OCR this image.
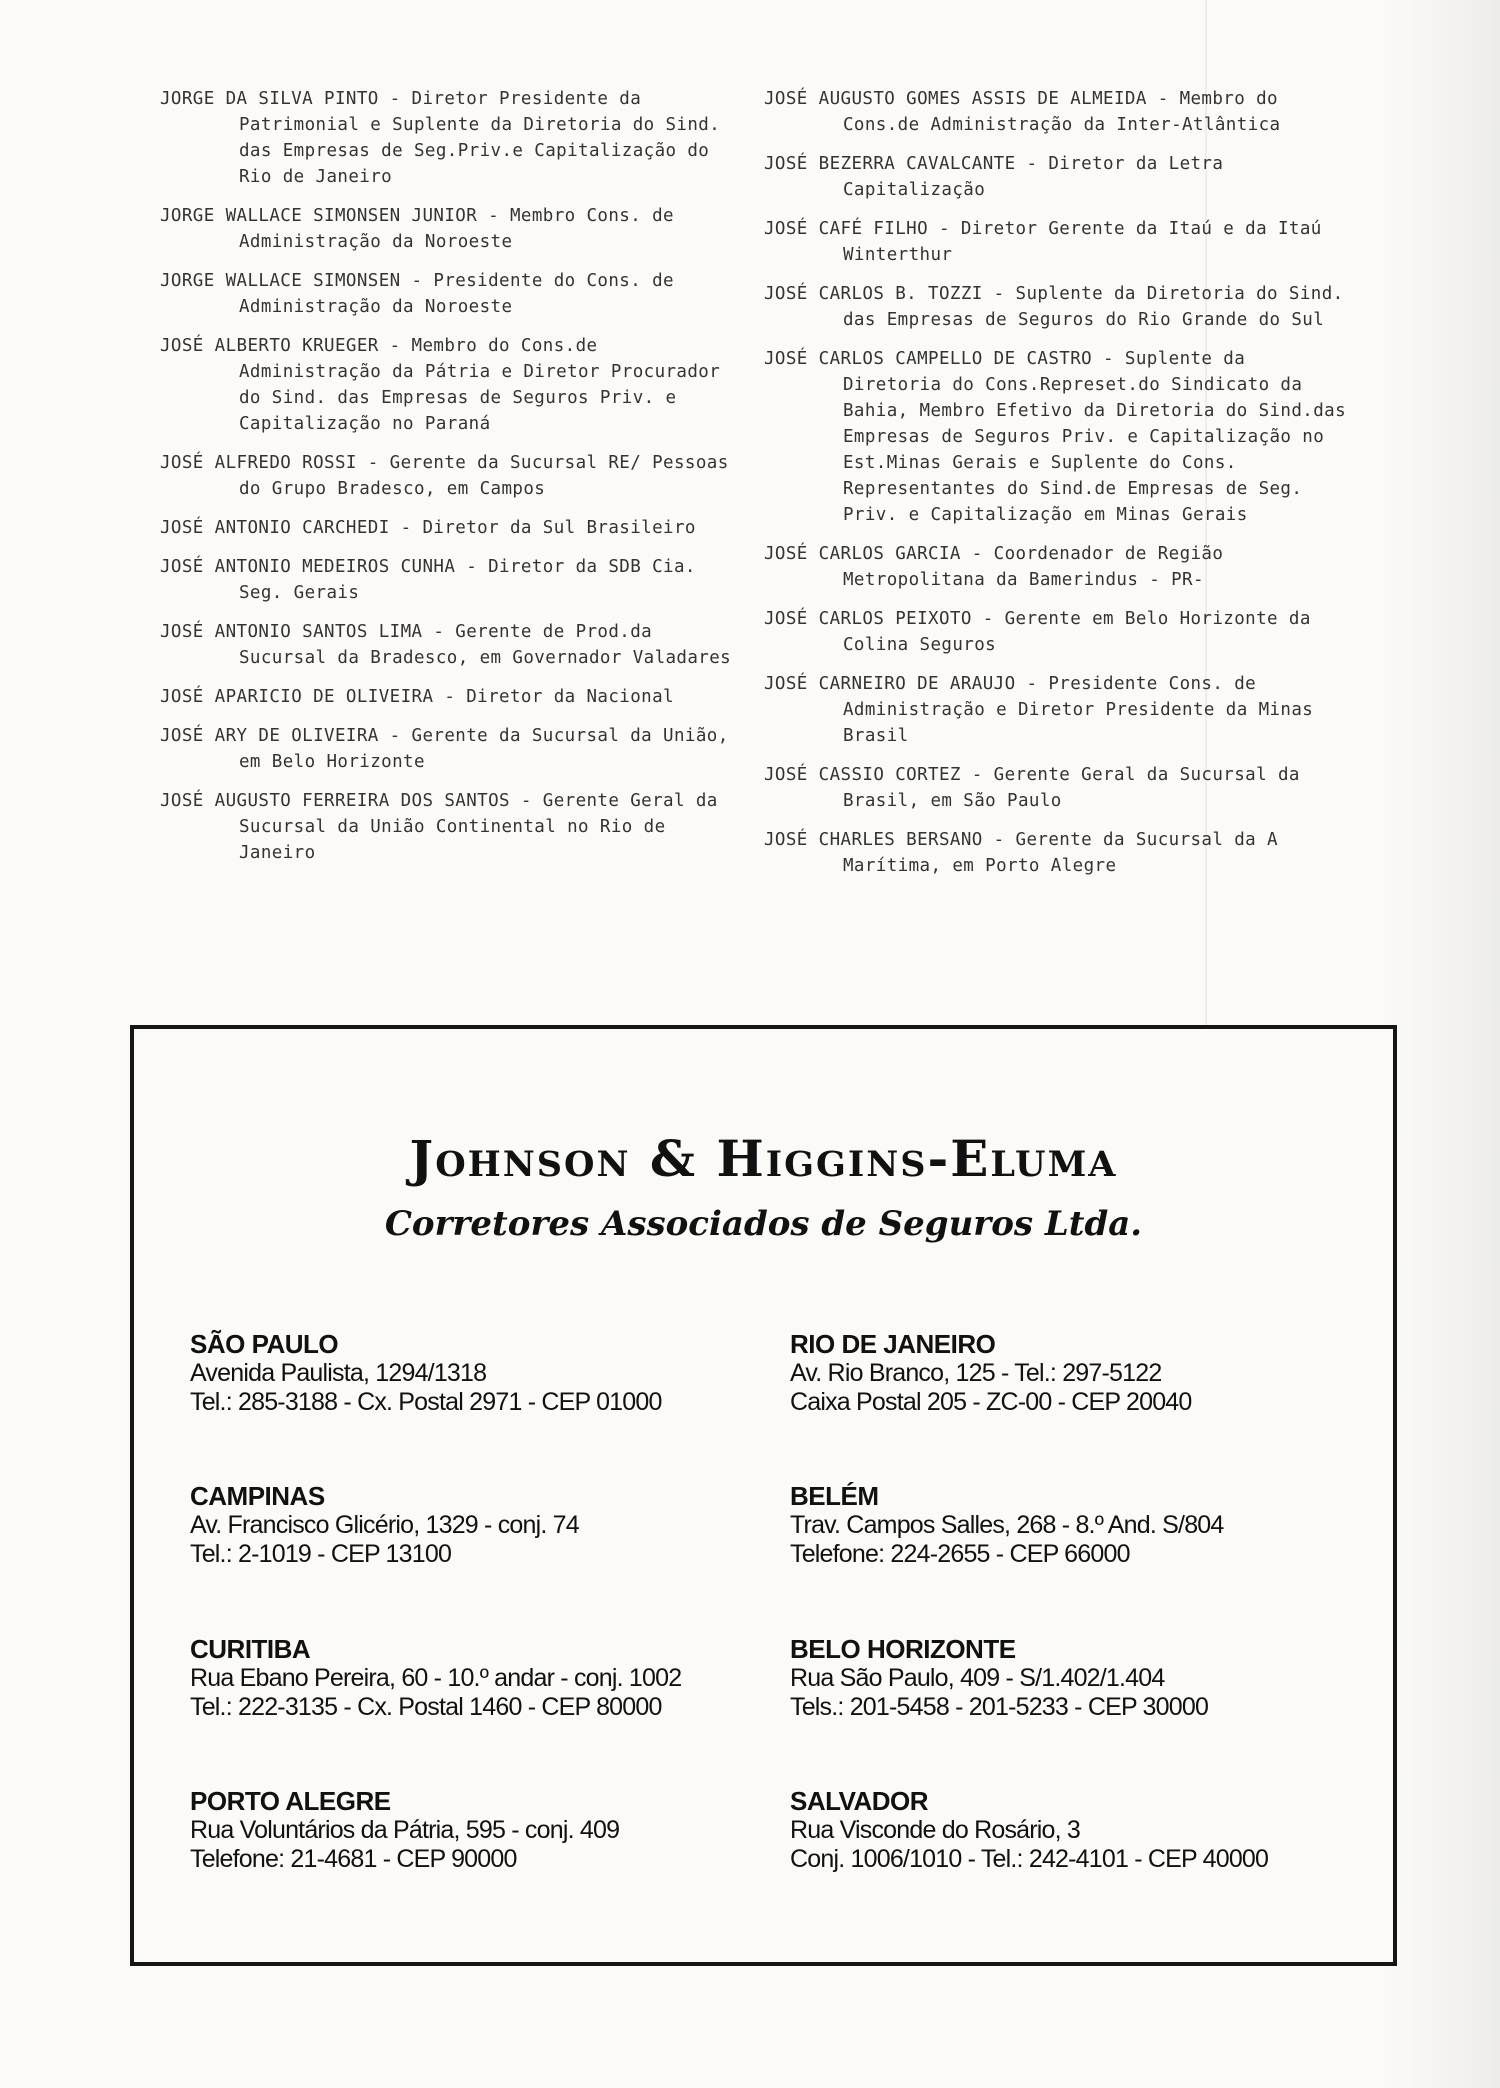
JORGE DA SILVA PINTO - Diretor Presidente da Patrimonial e Suplente da Diretoria do Sind. das Empresas de Seg.Priv.e Capitalização do Rio de Janeiro

JORGE WALLACE SIMONSEN JUNIOR - Membro Cons. de Administração da Noroeste

JORGE WALLACE SIMONSEN - Presidente do Cons. de Administração da Noroeste

JOSÉ ALBERTO KRUEGER - Membro do Cons.de Administração da Pátria e Diretor Procurador do Sind. das Empresas de Seguros Priv. e Capitalização no Paraná

JOSÉ ALFREDO ROSSI - Gerente da Sucursal RE/ Pessoas do Grupo Bradesco, em Campos

JOSÉ ANTONIO CARCHEDI - Diretor da Sul Brasileiro

JOSÉ ANTONIO MEDEIROS CUNHA - Diretor da SDB Cia. Seg. Gerais

JOSÉ ANTONIO SANTOS LIMA - Gerente de Prod.da Sucursal da Bradesco, em Governador Valadares

JOSÉ APARICIO DE OLIVEIRA - Diretor da Nacional

JOSÉ ARY DE OLIVEIRA - Gerente da Sucursal da União, em Belo Horizonte

JOSÉ AUGUSTO FERREIRA DOS SANTOS - Gerente Geral da Sucursal da União Continental no Rio de Janeiro

JOSÉ AUGUSTO GOMES ASSIS DE ALMEIDA - Membro do Cons.de Administração da Inter-Atlântica

JOSÉ BEZERRA CAVALCANTE - Diretor da Letra Capitalização

JOSÉ CAFÉ FILHO - Diretor Gerente da Itaú e da Itaú Winterthur

JOSÉ CARLOS B. TOZZI - Suplente da Diretoria do Sind. das Empresas de Seguros do Rio Grande do Sul

JOSÉ CARLOS CAMPELLO DE CASTRO - Suplente da Diretoria do Cons.Represet.do Sindicato da Bahia, Membro Efetivo da Diretoria do Sind.das Empresas de Seguros Priv. e Capitalização no Est.Minas Gerais e Suplente do Cons. Representantes do Sind.de Empresas de Seg. Priv. e Capitalização em Minas Gerais

JOSÉ CARLOS GARCIA - Coordenador de Região Metropolitana da Bamerindus - PR-

JOSÉ CARLOS PEIXOTO - Gerente em Belo Horizonte da Colina Seguros

JOSÉ CARNEIRO DE ARAUJO - Presidente Cons. de Administração e Diretor Presidente da Minas Brasil

JOSÉ CASSIO CORTEZ - Gerente Geral da Sucursal da Brasil, em São Paulo

JOSÉ CHARLES BERSANO - Gerente da Sucursal da A Marítima, em Porto Alegre

Johnson & Higgins-Eluma
Corretores Associados de Seguros Ltda.
SÃO PAULO
Avenida Paulista, 1294/1318
Tel.: 285-3188 - Cx. Postal 2971 - CEP 01000
RIO DE JANEIRO
Av. Rio Branco, 125 - Tel.: 297-5122
Caixa Postal 205 - ZC-00 - CEP 20040
CAMPINAS
Av. Francisco Glicério, 1329 - conj. 74
Tel.: 2-1019 - CEP 13100
BELÉM
Trav. Campos Salles, 268 - 8.º And. S/804
Telefone: 224-2655 - CEP 66000
CURITIBA
Rua Ebano Pereira, 60 - 10.º andar - conj. 1002
Tel.: 222-3135 - Cx. Postal 1460 - CEP 80000
BELO HORIZONTE
Rua São Paulo, 409 - S/1.402/1.404
Tels.: 201-5458 - 201-5233 - CEP 30000
PORTO ALEGRE
Rua Voluntários da Pátria, 595 - conj. 409
Telefone: 21-4681 - CEP 90000
SALVADOR
Rua Visconde do Rosário, 3
Conj. 1006/1010 - Tel.: 242-4101 - CEP 40000
